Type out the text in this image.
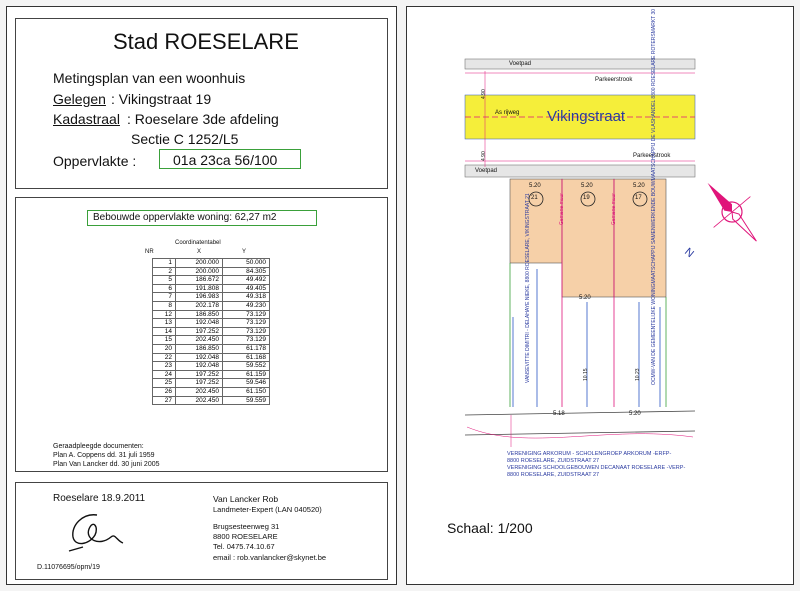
Stad ROESELARE
Metingsplan van een woonhuis
Gelegen : Vikingstraat 19
Kadastraal : Roeselare 3de afdeling
Sectie C 1252/L5
Oppervlakte :	01a 23ca 56/100
Bebouwde oppervlakte woning: 62,27 m2
Coordinatentabel
NR	X	Y
1	200.000	50.000
2	200.000	84.305
5	186.672	49.492
6	191.808	49.405
7	196.983	49.318
8	202.178	49.230
12	186.850	73.129
13	192.048	73.129
14	197.252	73.129
15	202.450	73.129
20	186.850	61.178
22	192.048	61.168
23	192.048	59.552
24	197.252	61.159
25	197.252	59.546
26	202.450	61.150
27	202.450	59.559
Geraadpleegde documenten:
Plan A. Coppens dd. 31 juli 1959
Plan Van Lancker dd. 30 juni 2005
Roeselare 18.9.2011
D.11076695/opm/19
Van Lancker Rob
Landmeter-Expert (LAN 040520)
Brugsesteenweg 31
8800 ROESELARE
Tel. 0475.74.10.67
email : rob.vanlancker@skynet.be
Voetpad
Parkeerstrook
As rijweg Vikingstraat
Parkeerstrook
Voetpad
21	19	17
5.20	5.20	5.20
5.20
5.18	5.20
Gemene muur	Gemene muur
10.15	10.23
4.90
4.90
VANSEVITTE DIMITRI - DELAHAYE NIEKE, 8800 ROESELARE, VIKINGSTRAAT 21	OCMW-VAN DE GEMEENTELIJKE WONINGMAATSCHAPPIJ SAMENWERKENDE BOUWMAATSCHAPPIJ DE VLASHANDEL 8800 ROESELARE ROTERSMARKT 30
VERENIGING ARKORUM - SCHOLENGROEP ARKORUM -ERFP-
8800 ROESELARE, ZUIDSTRAAT 27
VERENIGING SCHOOLGEBOUWEN DECANAAT ROESELARE -VERP-
8800 ROESELARE, ZUIDSTRAAT 27
N
Schaal: 1/200
